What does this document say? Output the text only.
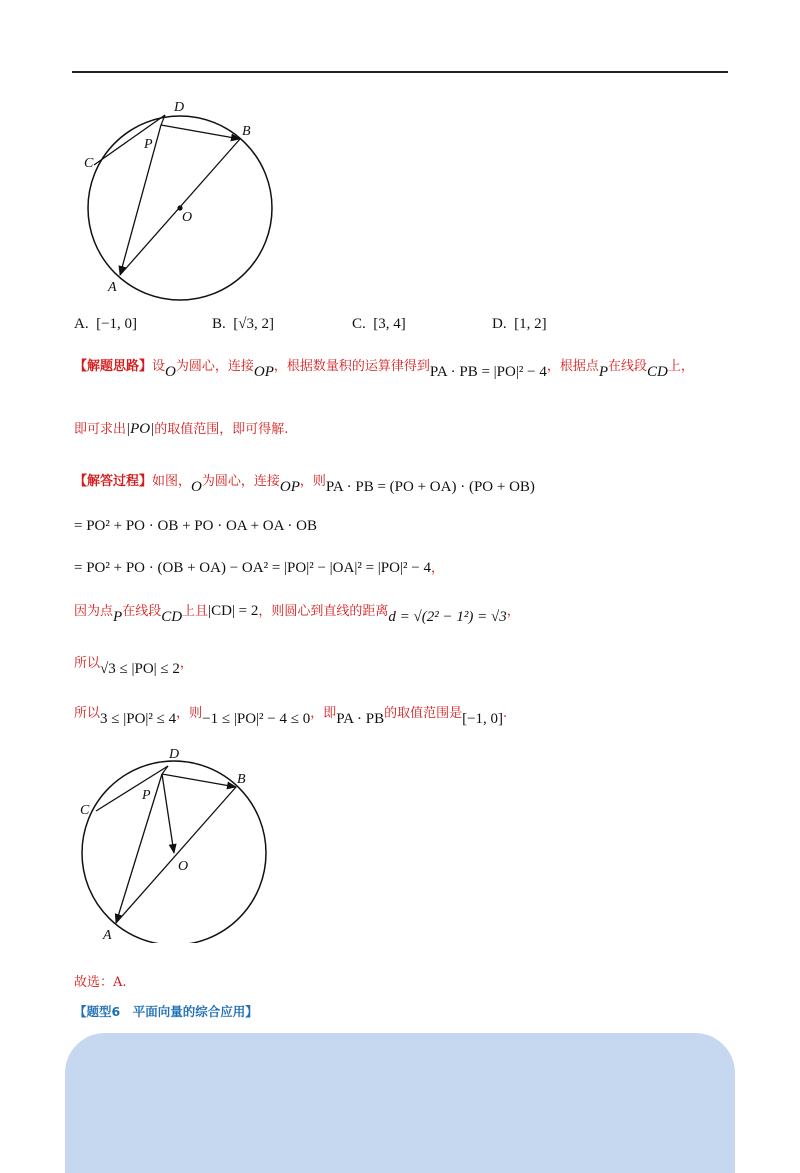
D
C
P
B
O
A
A. [−1, 0]	B. [√3, 2]	C. [3, 4]	D. [1, 2]
【解题思路】设O为圆心，连接OP，根据数量积的运算律得到PA · PB = |PO|² − 4，根据点P在线段CD上，
即可求出|PO|的取值范围，即可得解.
【解答过程】如图，O为圆心，连接OP，则PA · PB = (PO + OA) · (PO + OB)
= PO² + PO · OB + PO · OA + OA · OB
= PO² + PO · (OB + OA) − OA² = |PO|² − |OA|² = |PO|² − 4，
因为点P在线段CD上且|CD| = 2，则圆心到直线的距离d = √(2² − 1²) = √3，
所以√3 ≤ |PO| ≤ 2，
所以3 ≤ |PO|² ≤ 4，则−1 ≤ |PO|² − 4 ≤ 0，即PA · PB的取值范围是[−1, 0].
D
C
P
B
O
A
故选：A.
【题型6　平面向量的综合应用】
